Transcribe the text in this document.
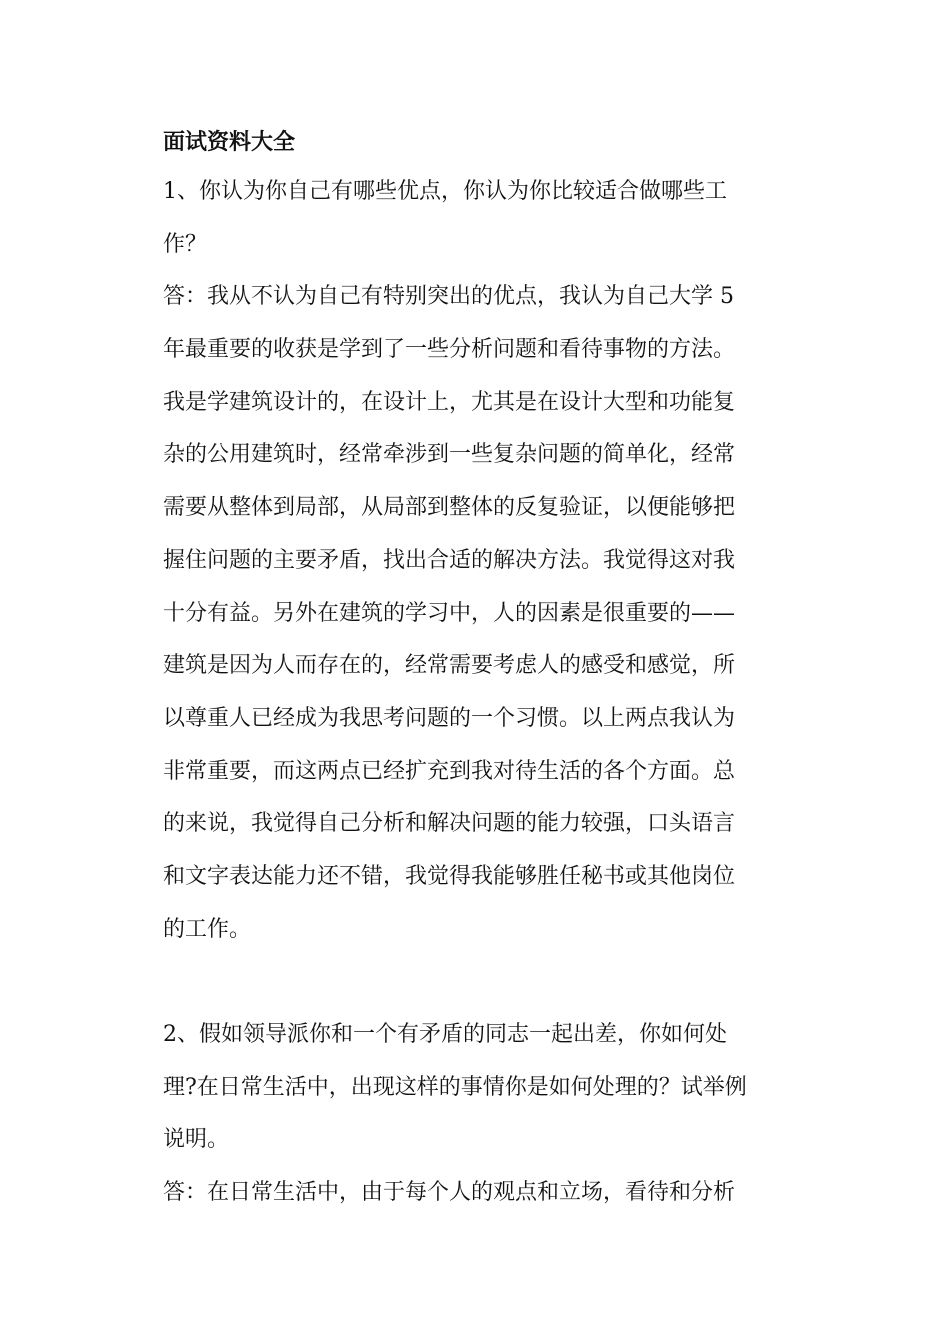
面试资料大全
1、你认为你自己有哪些优点，你认为你比较适合做哪些工
作？
答：我从不认为自己有特别突出的优点，我认为自己大学 5
年最重要的收获是学到了一些分析问题和看待事物的方法。
我是学建筑设计的，在设计上，尤其是在设计大型和功能复
杂的公用建筑时，经常牵涉到一些复杂问题的简单化，经常
需要从整体到局部，从局部到整体的反复验证，以便能够把
握住问题的主要矛盾，找出合适的解决方法。我觉得这对我
十分有益。另外在建筑的学习中，人的因素是很重要的——
建筑是因为人而存在的，经常需要考虑人的感受和感觉，所
以尊重人已经成为我思考问题的一个习惯。以上两点我认为
非常重要，而这两点已经扩充到我对待生活的各个方面。总
的来说，我觉得自己分析和解决问题的能力较强，口头语言
和文字表达能力还不错，我觉得我能够胜任秘书或其他岗位
的工作。
2、假如领导派你和一个有矛盾的同志一起出差，你如何处
理?在日常生活中，出现这样的事情你是如何处理的？试举例
说明。
答：在日常生活中，由于每个人的观点和立场，看待和分析
